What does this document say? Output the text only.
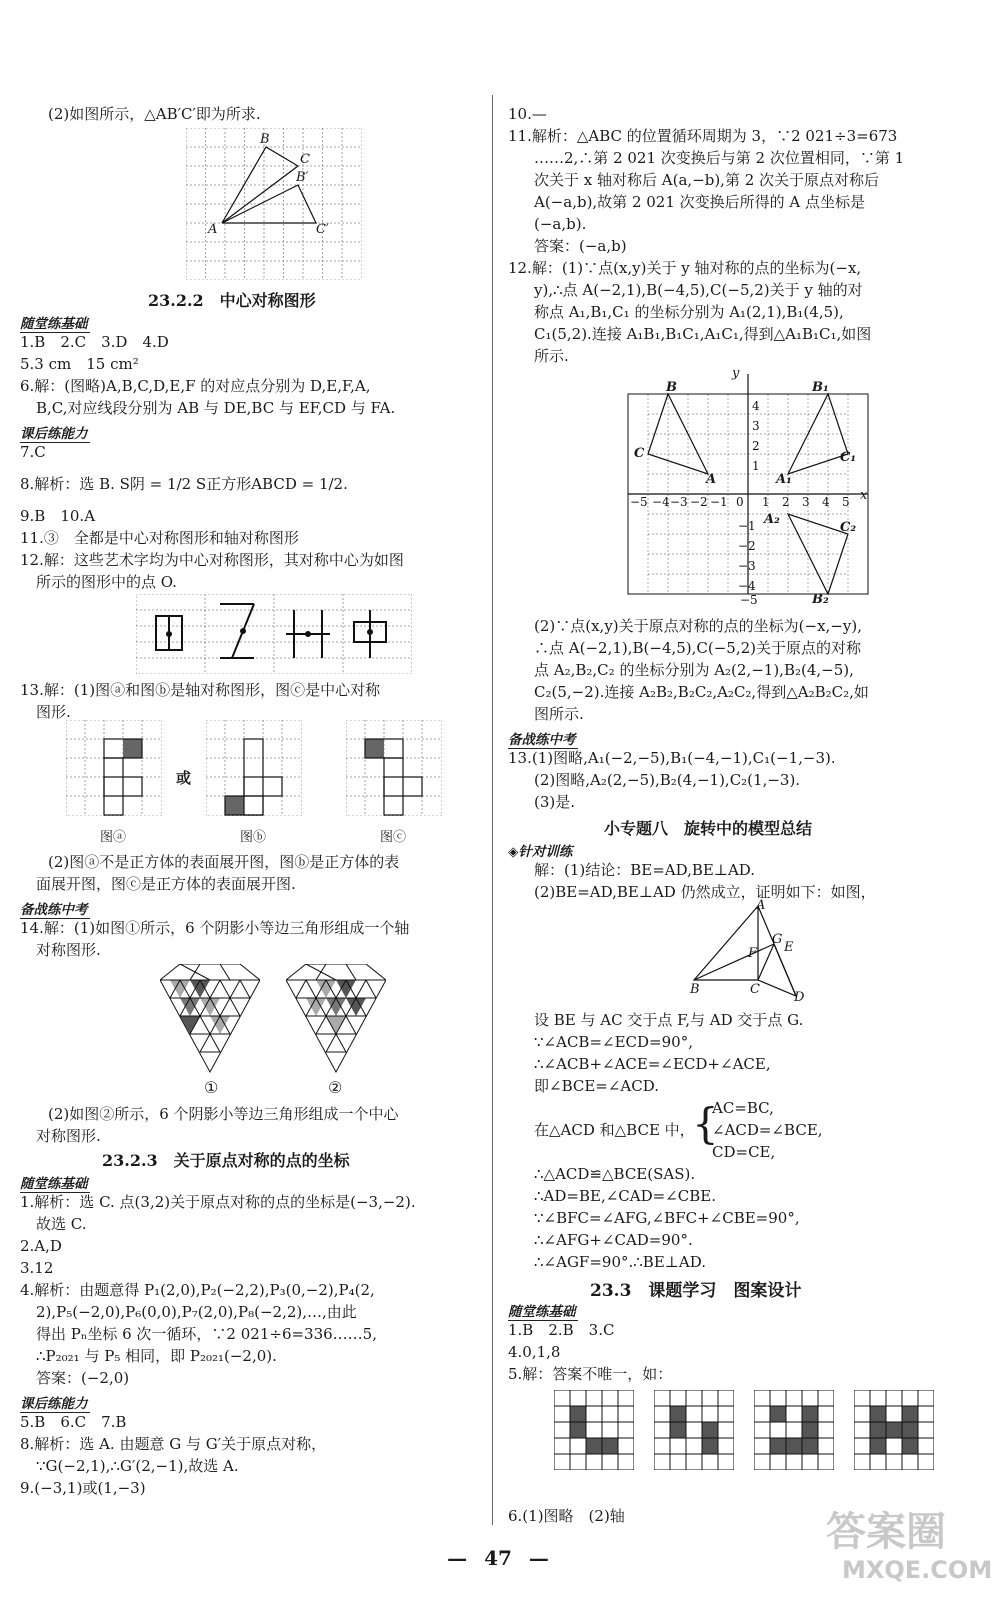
(2)如图所示，△AB′C′即为所求.
B
C
B′
A	C′
23.2.2　中心对称图形
随堂练基础
1.B　2.C　3.D　4.D
5.3 cm　15 cm²
6.解：(图略)A,B,C,D,E,F 的对应点分别为 D,E,F,A,
B,C,对应线段分别为 AB 与 DE,BC 与 EF,CD 与 FA.
课后练能力
7.C
8.解析：选 B. S阴 = 1/2 S正方形ABCD = 1/2.
9.B　10.A
11.③　全都是中心对称图形和轴对称图形
12.解：这些艺术字均为中心对称图形，其对称中心为如图
所示的图形中的点 O.
13.解：(1)图ⓐ和图ⓑ是轴对称图形，图ⓒ是中心对称
图形.
或
图ⓐ	图ⓑ	图ⓒ
(2)图ⓐ不是正方体的表面展开图，图ⓑ是正方体的表
面展开图，图ⓒ是正方体的表面展开图.
备战练中考
14.解：(1)如图①所示，6 个阴影小等边三角形组成一个轴
对称图形.
①	②
(2)如图②所示，6 个阴影小等边三角形组成一个中心
对称图形.
23.2.3　关于原点对称的点的坐标
随堂练基础
1.解析：选 C. 点(3,2)关于原点对称的点的坐标是(−3,−2).
故选 C.
2.A,D
3.12
4.解析：由题意得 P₁(2,0),P₂(−2,2),P₃(0,−2),P₄(2,
2),P₅(−2,0),P₆(0,0),P₇(2,0),P₈(−2,2),…,由此
得出 Pₙ坐标 6 次一循环，∵2 021÷6=336……5,
∴P₂₀₂₁ 与 P₅ 相同，即 P₂₀₂₁(−2,0).
答案：(−2,0)
课后练能力
5.B　6.C　7.B
8.解析：选 A. 由题意 G 与 G′关于原点对称，
∵G(−2,1),∴G′(2,−1),故选 A.
9.(−3,1)或(1,−3)
10.—
11.解析：△ABC 的位置循环周期为 3，∵2 021÷3=673
……2,∴第 2 021 次变换后与第 2 次位置相同，∵第 1
次关于 x 轴对称后 A(a,−b),第 2 次关于原点对称后
A(−a,b),故第 2 021 次变换后所得的 A 点坐标是
(−a,b).
答案：(−a,b)
12.解：(1)∵点(x,y)关于 y 轴对称的点的坐标为(−x,
y),∴点 A(−2,1),B(−4,5),C(−5,2)关于 y 轴的对
称点 A₁,B₁,C₁ 的坐标分别为 A₁(2,1),B₁(4,5),
C₁(5,2).连接 A₁B₁,B₁C₁,A₁C₁,得到△A₁B₁C₁,如图
所示.
4
3
2
1
−1
−2
−3
−4
−5 −4 −3 −2 −1 0 1 2 3 4 5
−5
B	B₁
C	C₁
A	A₁
A₂
C₂
B₂
y
x
(2)∵点(x,y)关于原点对称的点的坐标为(−x,−y),
∴点 A(−2,1),B(−4,5),C(−5,2)关于原点的对称
点 A₂,B₂,C₂ 的坐标分别为 A₂(2,−1),B₂(4,−5),
C₂(5,−2).连接 A₂B₂,B₂C₂,A₂C₂,得到△A₂B₂C₂,如
图所示.
备战练中考
13.(1)图略,A₁(−2,−5),B₁(−4,−1),C₁(−1,−3).
(2)图略,A₂(2,−5),B₂(4,−1),C₂(1,−3).
(3)是.
小专题八　旋转中的模型总结
◈针对训练
解：(1)结论：BE=AD,BE⊥AD.
(2)BE=AD,BE⊥AD 仍然成立，证明如下：如图，
A
F
G
E
B	C
D
设 BE 与 AC 交于点 F,与 AD 交于点 G.
∵∠ACB=∠ECD=90°,
∴∠ACB+∠ACE=∠ECD+∠ACE,
即∠BCE=∠ACD.
在△ACD 和△BCE 中，
{
AC=BC,
∠ACD=∠BCE,
CD=CE,
∴△ACD≌△BCE(SAS).
∴AD=BE,∠CAD=∠CBE.
∵∠BFC=∠AFG,∠BFC+∠CBE=90°,
∴∠AFG+∠CAD=90°.
∴∠AGF=90°.∴BE⊥AD.
23.3　课题学习　图案设计
随堂练基础
1.B　2.B　3.C
4.0,1,8
5.解：答案不唯一，如：
6.(1)图略　(2)轴
— 47 —
答案圈
MXQE.COM
